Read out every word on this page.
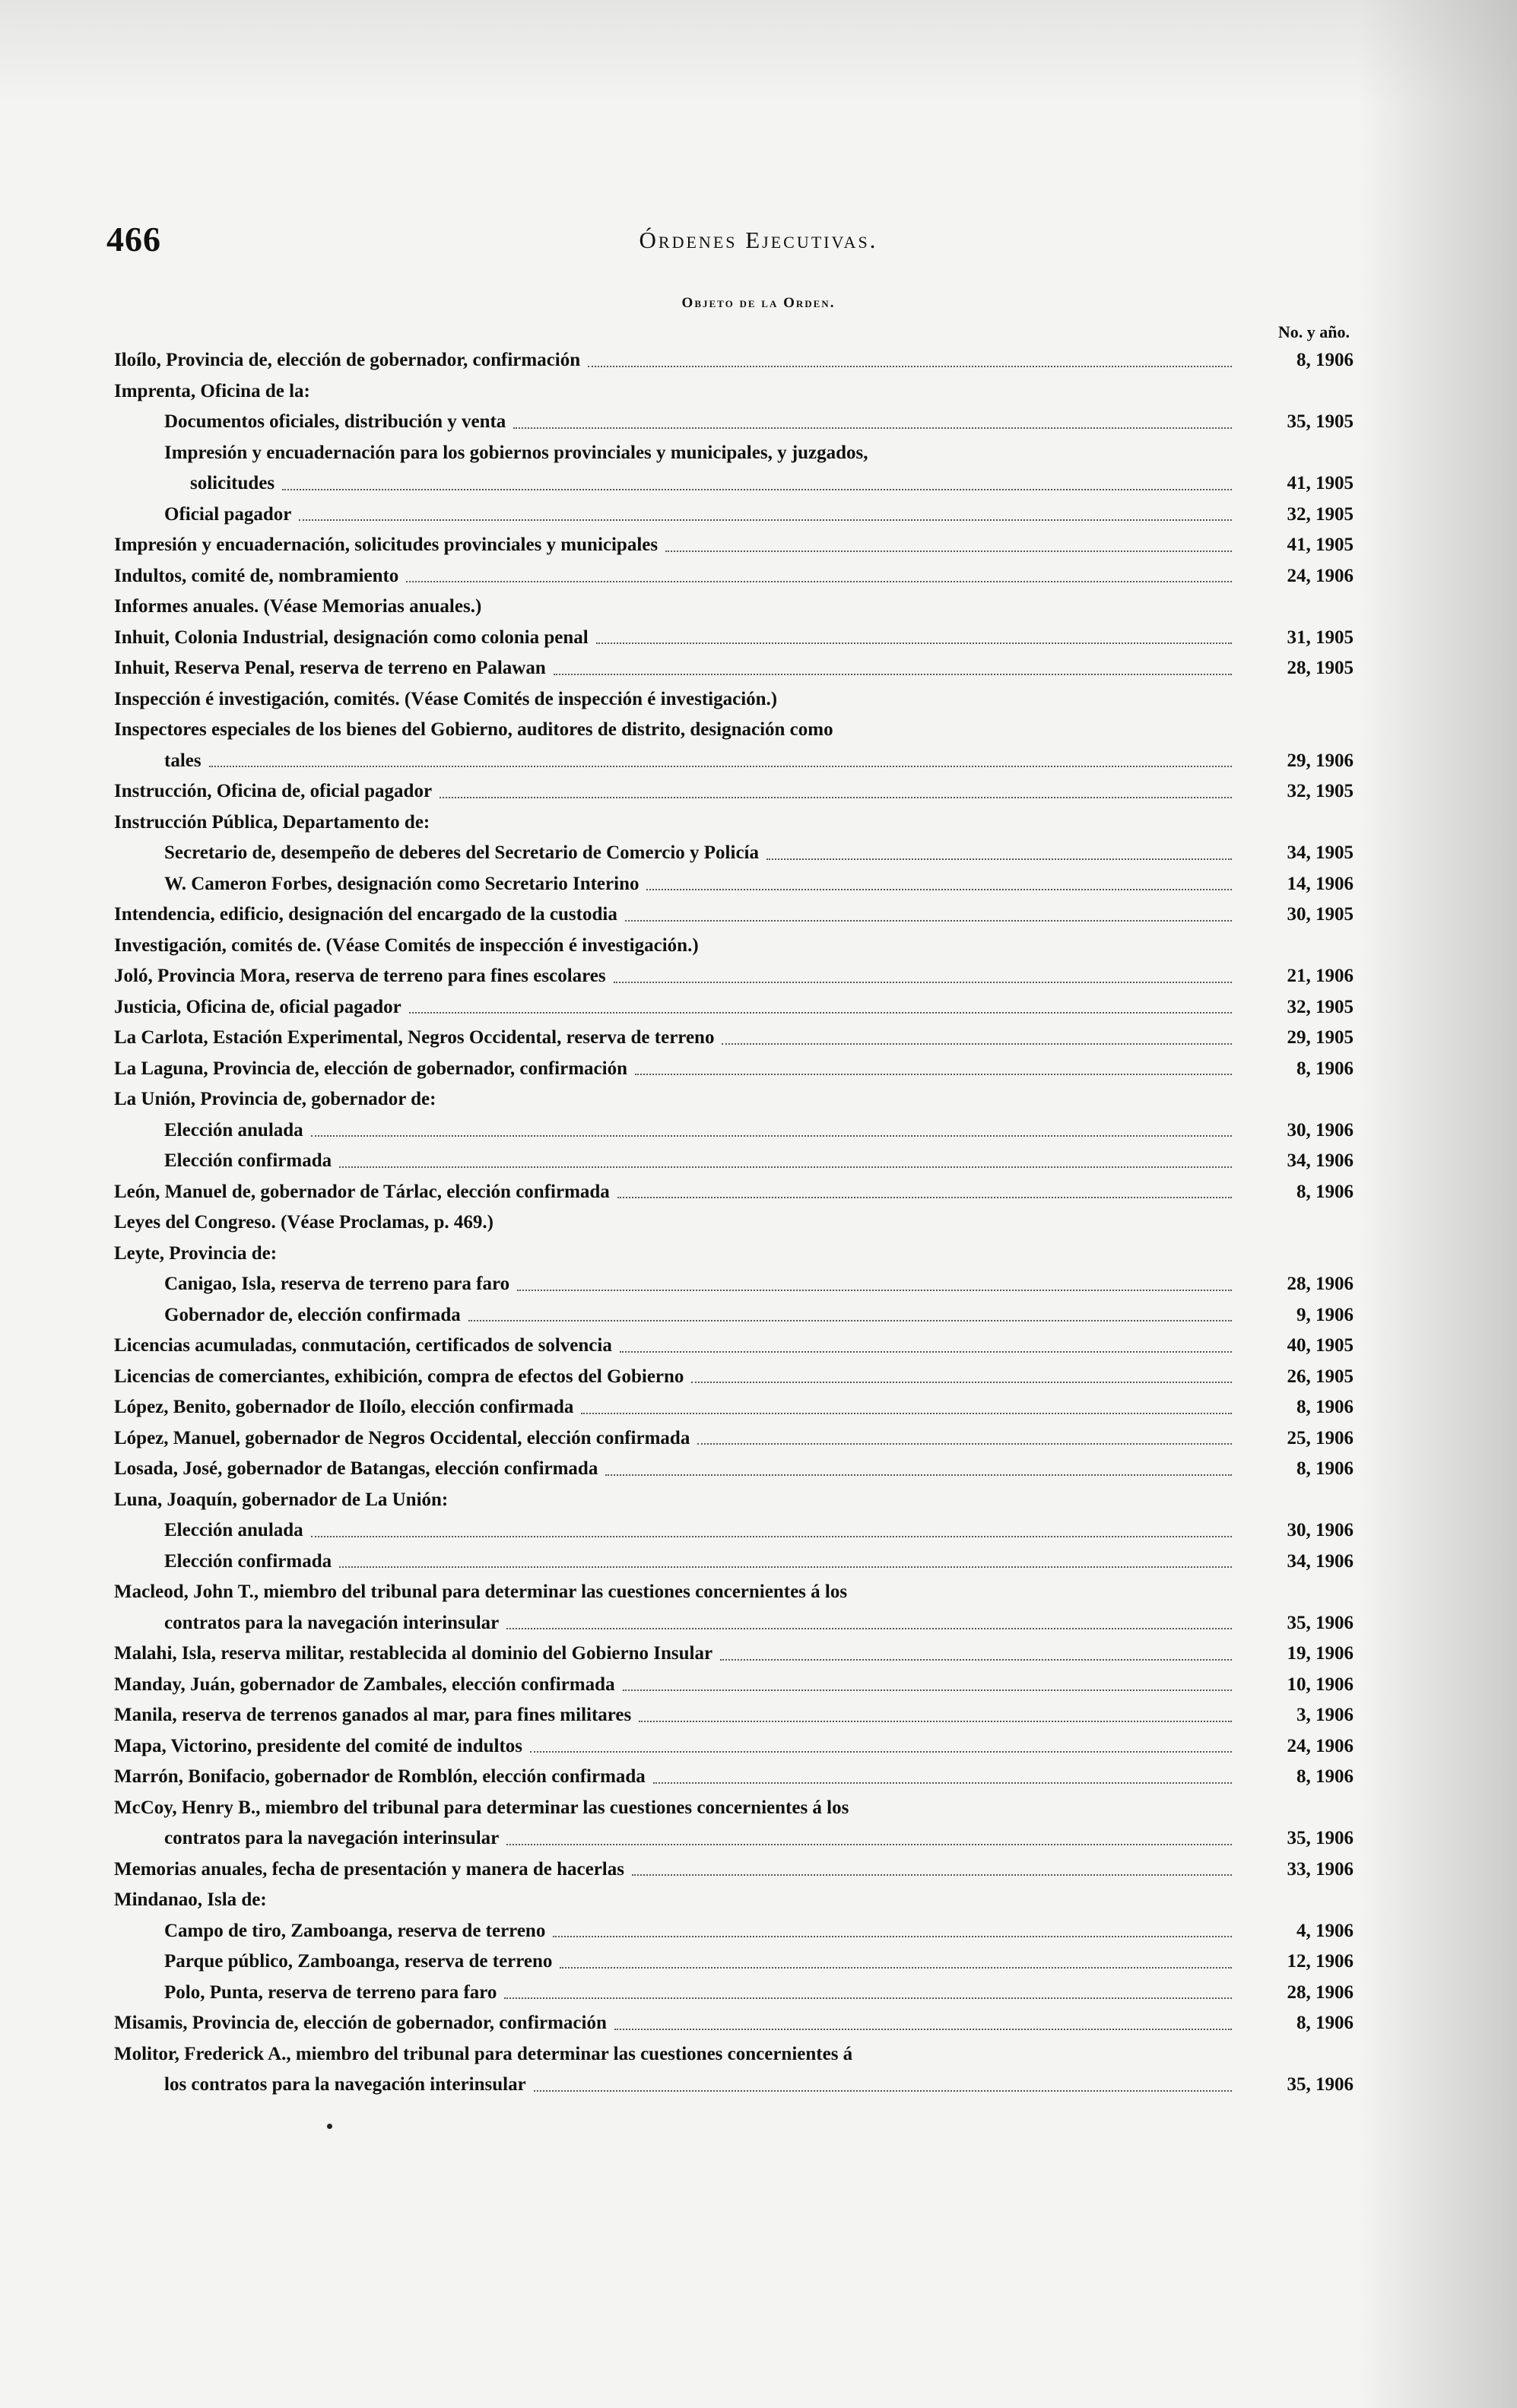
466	Órdenes Ejecutivas.
Objeto de la Orden.
No. y año.
Iloílo, Provincia de, elección de gobernador, confirmación	8, 1906
Imprenta, Oficina de la:
Documentos oficiales, distribución y venta	35, 1905
Impresión y encuadernación para los gobiernos provinciales y municipales, y juzgados,
solicitudes	41, 1905
Oficial pagador	32, 1905
Impresión y encuadernación, solicitudes provinciales y municipales	41, 1905
Indultos, comité de, nombramiento	24, 1906
Informes anuales. (Véase Memorias anuales.)
Inhuit, Colonia Industrial, designación como colonia penal	31, 1905
Inhuit, Reserva Penal, reserva de terreno en Palawan	28, 1905
Inspección é investigación, comités. (Véase Comités de inspección é investigación.)
Inspectores especiales de los bienes del Gobierno, auditores de distrito, designación como
tales	29, 1906
Instrucción, Oficina de, oficial pagador	32, 1905
Instrucción Pública, Departamento de:
Secretario de, desempeño de deberes del Secretario de Comercio y Policía	34, 1905
W. Cameron Forbes, designación como Secretario Interino	14, 1906
Intendencia, edificio, designación del encargado de la custodia	30, 1905
Investigación, comités de. (Véase Comités de inspección é investigación.)
Joló, Provincia Mora, reserva de terreno para fines escolares	21, 1906
Justicia, Oficina de, oficial pagador	32, 1905
La Carlota, Estación Experimental, Negros Occidental, reserva de terreno	29, 1905
La Laguna, Provincia de, elección de gobernador, confirmación	8, 1906
La Unión, Provincia de, gobernador de:
Elección anulada	30, 1906
Elección confirmada	34, 1906
León, Manuel de, gobernador de Tárlac, elección confirmada	8, 1906
Leyes del Congreso. (Véase Proclamas, p. 469.)
Leyte, Provincia de:
Canigao, Isla, reserva de terreno para faro	28, 1906
Gobernador de, elección confirmada	9, 1906
Licencias acumuladas, conmutación, certificados de solvencia	40, 1905
Licencias de comerciantes, exhibición, compra de efectos del Gobierno	26, 1905
López, Benito, gobernador de Iloílo, elección confirmada	8, 1906
López, Manuel, gobernador de Negros Occidental, elección confirmada	25, 1906
Losada, José, gobernador de Batangas, elección confirmada	8, 1906
Luna, Joaquín, gobernador de La Unión:
Elección anulada	30, 1906
Elección confirmada	34, 1906
Macleod, John T., miembro del tribunal para determinar las cuestiones concernientes á los
contratos para la navegación interinsular	35, 1906
Malahi, Isla, reserva militar, restablecida al dominio del Gobierno Insular	19, 1906
Manday, Juán, gobernador de Zambales, elección confirmada	10, 1906
Manila, reserva de terrenos ganados al mar, para fines militares	3, 1906
Mapa, Victorino, presidente del comité de indultos	24, 1906
Marrón, Bonifacio, gobernador de Romblón, elección confirmada	8, 1906
McCoy, Henry B., miembro del tribunal para determinar las cuestiones concernientes á los
contratos para la navegación interinsular	35, 1906
Memorias anuales, fecha de presentación y manera de hacerlas	33, 1906
Mindanao, Isla de:
Campo de tiro, Zamboanga, reserva de terreno	4, 1906
Parque público, Zamboanga, reserva de terreno	12, 1906
Polo, Punta, reserva de terreno para faro	28, 1906
Misamis, Provincia de, elección de gobernador, confirmación	8, 1906
Molitor, Frederick A., miembro del tribunal para determinar las cuestiones concernientes á
los contratos para la navegación interinsular	35, 1906
